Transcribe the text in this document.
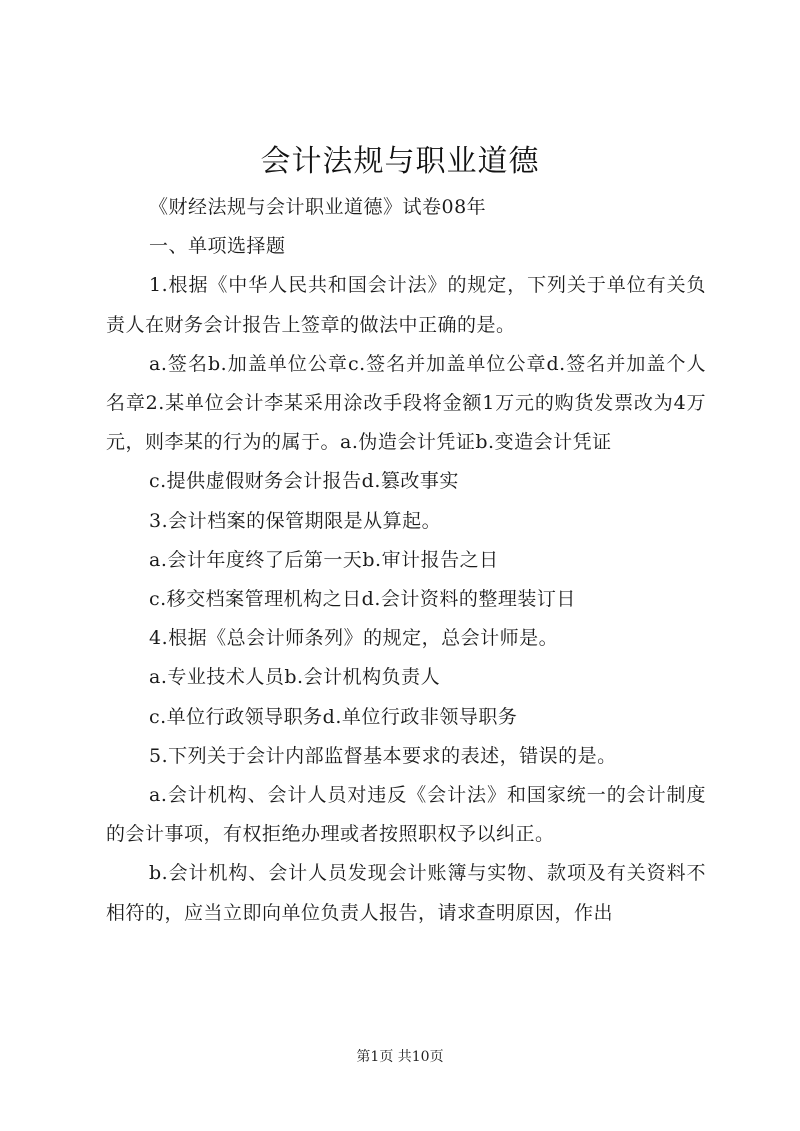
会计法规与职业道德

《财经法规与会计职业道德》试卷08年

一、单项选择题

1.根据《中华人民共和国会计法》的规定，下列关于单位有关负责人在财务会计报告上签章的做法中正确的是。

a.签名b.加盖单位公章c.签名并加盖单位公章d.签名并加盖个人名章2.某单位会计李某采用涂改手段将金额1万元的购货发票改为4万元，则李某的行为的属于。a.伪造会计凭证b.变造会计凭证

c.提供虚假财务会计报告d.篡改事实

3.会计档案的保管期限是从算起。

a.会计年度终了后第一天b.审计报告之日

c.移交档案管理机构之日d.会计资料的整理装订日

4.根据《总会计师条列》的规定，总会计师是。

a.专业技术人员b.会计机构负责人

c.单位行政领导职务d.单位行政非领导职务

5.下列关于会计内部监督基本要求的表述，错误的是。

a.会计机构、会计人员对违反《会计法》和国家统一的会计制度的会计事项，有权拒绝办理或者按照职权予以纠正。

b.会计机构、会计人员发现会计账簿与实物、款项及有关资料不相符的，应当立即向单位负责人报告，请求查明原因，作出

第1页 共10页
